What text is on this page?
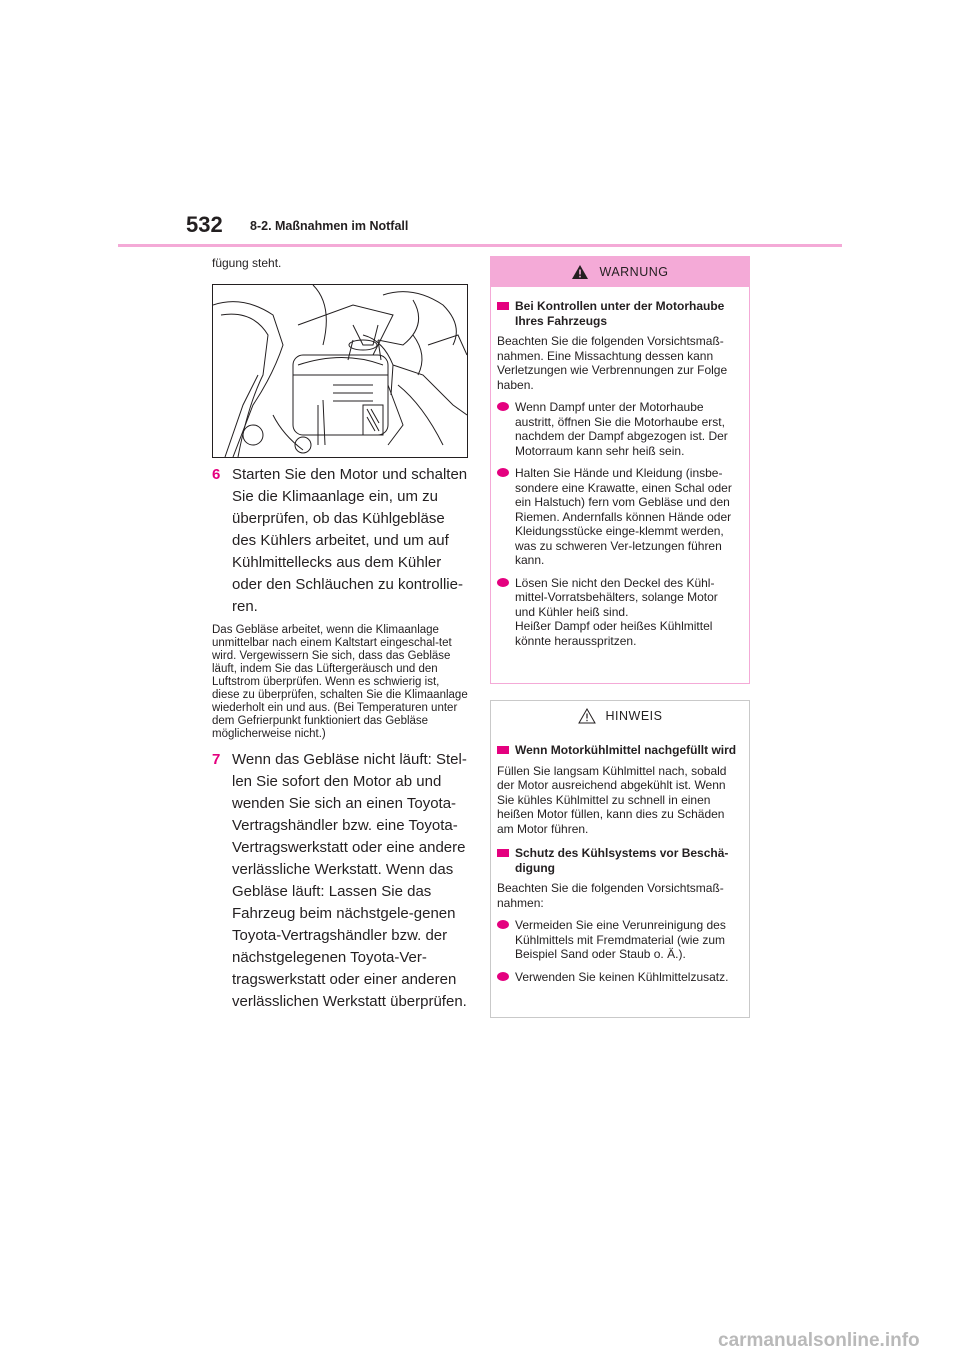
532 8-2. Maßnahmen im Notfall

fügung steht.

6 Starten Sie den Motor und schalten Sie die Klimaanlage ein, um zu überprüfen, ob das Kühlgebläse des Kühlers arbeitet, und um auf Kühlmittellecks aus dem Kühler oder den Schläuchen zu kontrollie-ren.

Das Gebläse arbeitet, wenn die Klimaanlage unmittelbar nach einem Kaltstart eingeschal-tet wird. Vergewissern Sie sich, dass das Gebläse läuft, indem Sie das Lüftergeräusch und den Luftstrom überprüfen. Wenn es schwierig ist, diese zu überprüfen, schalten Sie die Klimaanlage wiederholt ein und aus. (Bei Temperaturen unter dem Gefrierpunkt funktioniert das Gebläse möglicherweise nicht.)

7 Wenn das Gebläse nicht läuft: Stel-len Sie sofort den Motor ab und wenden Sie sich an einen Toyota-Vertragshändler bzw. eine Toyota-Vertragswerkstatt oder eine andere verlässliche Werkstatt. Wenn das Gebläse läuft: Lassen Sie das Fahrzeug beim nächstgele-genen Toyota-Vertragshändler bzw. der nächstgelegenen Toyota-Ver-tragswerkstatt oder einer anderen verlässlichen Werkstatt überprüfen.
WARNUNG
Bei Kontrollen unter der Motorhaube Ihres Fahrzeugs

Beachten Sie die folgenden Vorsichtsmaß-nahmen. Eine Missachtung dessen kann Verletzungen wie Verbrennungen zur Folge haben.

Wenn Dampf unter der Motorhaube austritt, öffnen Sie die Motorhaube erst, nachdem der Dampf abgezogen ist. Der Motorraum kann sehr heiß sein.
Halten Sie Hände und Kleidung (insbe-sondere eine Krawatte, einen Schal oder ein Halstuch) fern vom Gebläse und den Riemen. Andernfalls können Hände oder Kleidungsstücke einge-klemmt werden, was zu schweren Ver-letzungen führen kann.
Lösen Sie nicht den Deckel des Kühl-mittel-Vorratsbehälters, solange Motor und Kühler heiß sind.
Heißer Dampf oder heißes Kühlmittel könnte herausspritzen.
HINWEIS
Wenn Motorkühlmittel nachgefüllt wird

Füllen Sie langsam Kühlmittel nach, sobald der Motor ausreichend abgekühlt ist. Wenn Sie kühles Kühlmittel zu schnell in einen heißen Motor füllen, kann dies zu Schäden am Motor führen.

Schutz des Kühlsystems vor Beschä-digung

Beachten Sie die folgenden Vorsichtsmaß-nahmen:

Vermeiden Sie eine Verunreinigung des Kühlmittels mit Fremdmaterial (wie zum Beispiel Sand oder Staub o. Ä.).
Verwenden Sie keinen Kühlmittelzusatz.
carmanualsonline.info
